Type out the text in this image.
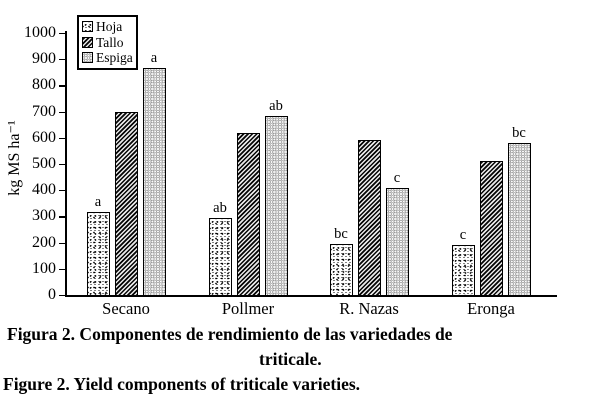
kg MS ha⁻¹
0
100
200
300
400
500
600
700
800
900
1000
Secano
a
a
Pollmer
ab
ab
R. Nazas
bc
c
Eronga
c
bc
Hoja
Tallo
Espiga
Figura 2. Componentes de rendimiento de las variedades de
triticale.
Figure 2. Yield components of triticale varieties.
